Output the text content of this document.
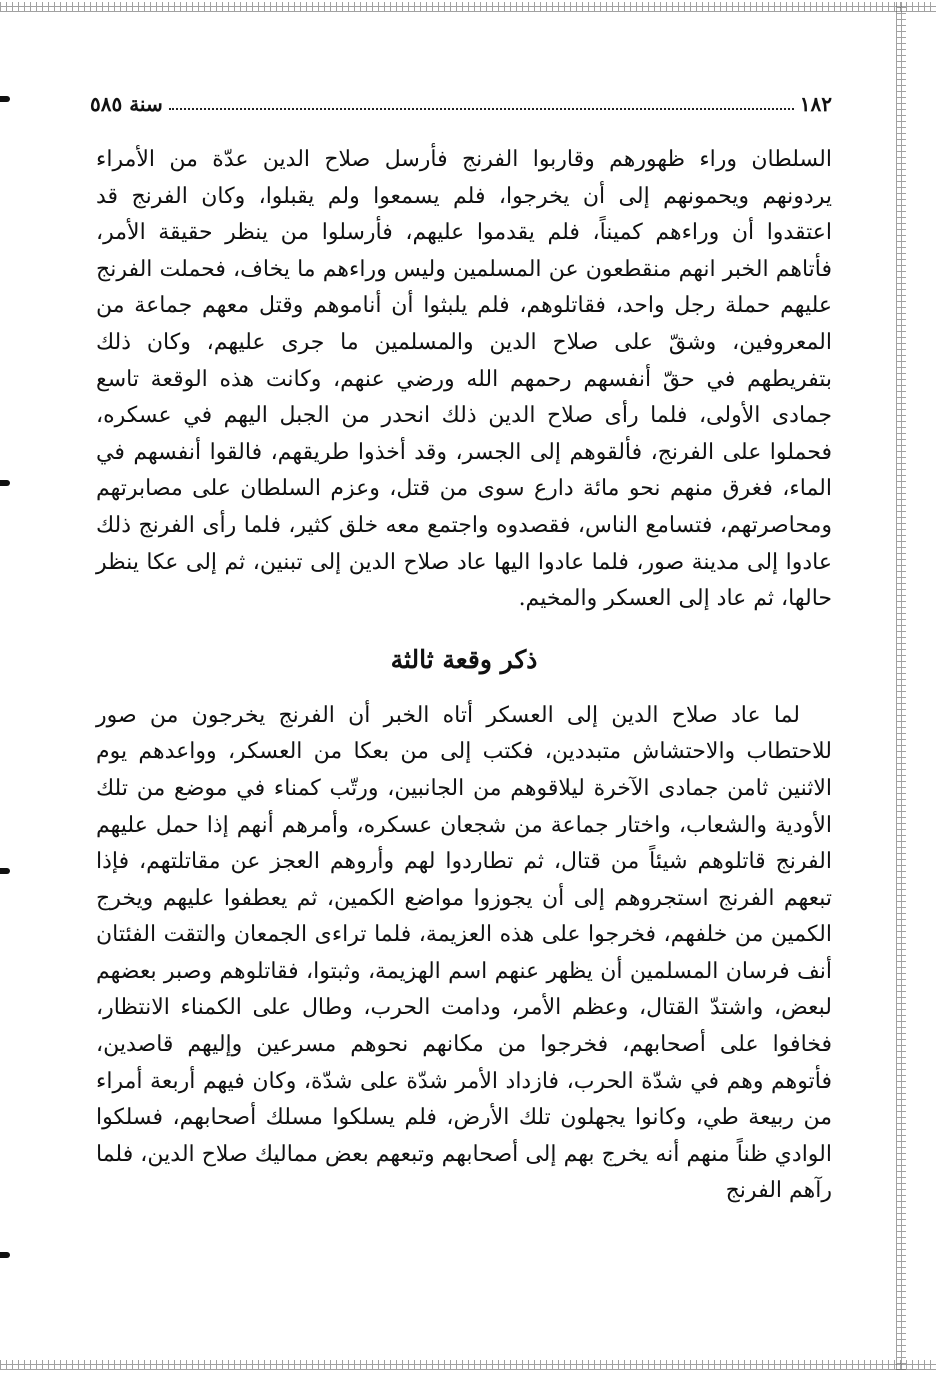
١٨٢
سنة ٥٨٥

السلطان وراء ظهورهم وقاربوا الفرنج فأرسل صلاح الدين عدّة من الأمراء يردونهم ويحمونهم إلى أن يخرجوا، فلم يسمعوا ولم يقبلوا، وكان الفرنج قد اعتقدوا أن وراءهم كميناً، فلم يقدموا عليهم، فأرسلوا من ينظر حقيقة الأمر، فأتاهم الخبر انهم منقطعون عن المسلمين وليس وراءهم ما يخاف، فحملت الفرنج عليهم حملة رجل واحد، فقاتلوهم، فلم يلبثوا أن أناموهم وقتل معهم جماعة من المعروفين، وشقّ على صلاح الدين والمسلمين ما جرى عليهم، وكان ذلك بتفريطهم في حقّ أنفسهم رحمهم الله ورضي عنهم، وكانت هذه الوقعة تاسع جمادى الأولى، فلما رأى صلاح الدين ذلك انحدر من الجبل اليهم في عسكره، فحملوا على الفرنج، فألقوهم إلى الجسر، وقد أخذوا طريقهم، فالقوا أنفسهم في الماء، فغرق منهم نحو مائة دارع سوى من قتل، وعزم السلطان على مصابرتهم ومحاصرتهم، فتسامع الناس، فقصدوه واجتمع معه خلق كثير، فلما رأى الفرنج ذلك عادوا إلى مدينة صور، فلما عادوا اليها عاد صلاح الدين إلى تبنين، ثم إلى عكا ينظر حالها، ثم عاد إلى العسكر والمخيم.

ذكر وقعة ثالثة

لما عاد صلاح الدين إلى العسكر أتاه الخبر أن الفرنج يخرجون من صور للاحتطاب والاحتشاش متبددين، فكتب إلى من بعكا من العسكر، وواعدهم يوم الاثنين ثامن جمادى الآخرة ليلاقوهم من الجانبين، ورتّب كمناء في موضع من تلك الأودية والشعاب، واختار جماعة من شجعان عسكره، وأمرهم أنهم إذا حمل عليهم الفرنج قاتلوهم شيئاً من قتال، ثم تطاردوا لهم وأروهم العجز عن مقاتلتهم، فإذا تبعهم الفرنج استجروهم إلى أن يجوزوا مواضع الكمين، ثم يعطفوا عليهم ويخرج الكمين من خلفهم، فخرجوا على هذه العزيمة، فلما تراءى الجمعان والتقت الفئتان أنف فرسان المسلمين أن يظهر عنهم اسم الهزيمة، وثبتوا، فقاتلوهم وصبر بعضهم لبعض، واشتدّ القتال، وعظم الأمر، ودامت الحرب، وطال على الكمناء الانتظار، فخافوا على أصحابهم، فخرجوا من مكانهم نحوهم مسرعين وإليهم قاصدين، فأتوهم وهم في شدّة الحرب، فازداد الأمر شدّة على شدّة، وكان فيهم أربعة أمراء من ربيعة طي، وكانوا يجهلون تلك الأرض، فلم يسلكوا مسلك أصحابهم، فسلكوا الوادي ظناً منهم أنه يخرج بهم إلى أصحابهم وتبعهم بعض مماليك صلاح الدين، فلما رآهم الفرنج
